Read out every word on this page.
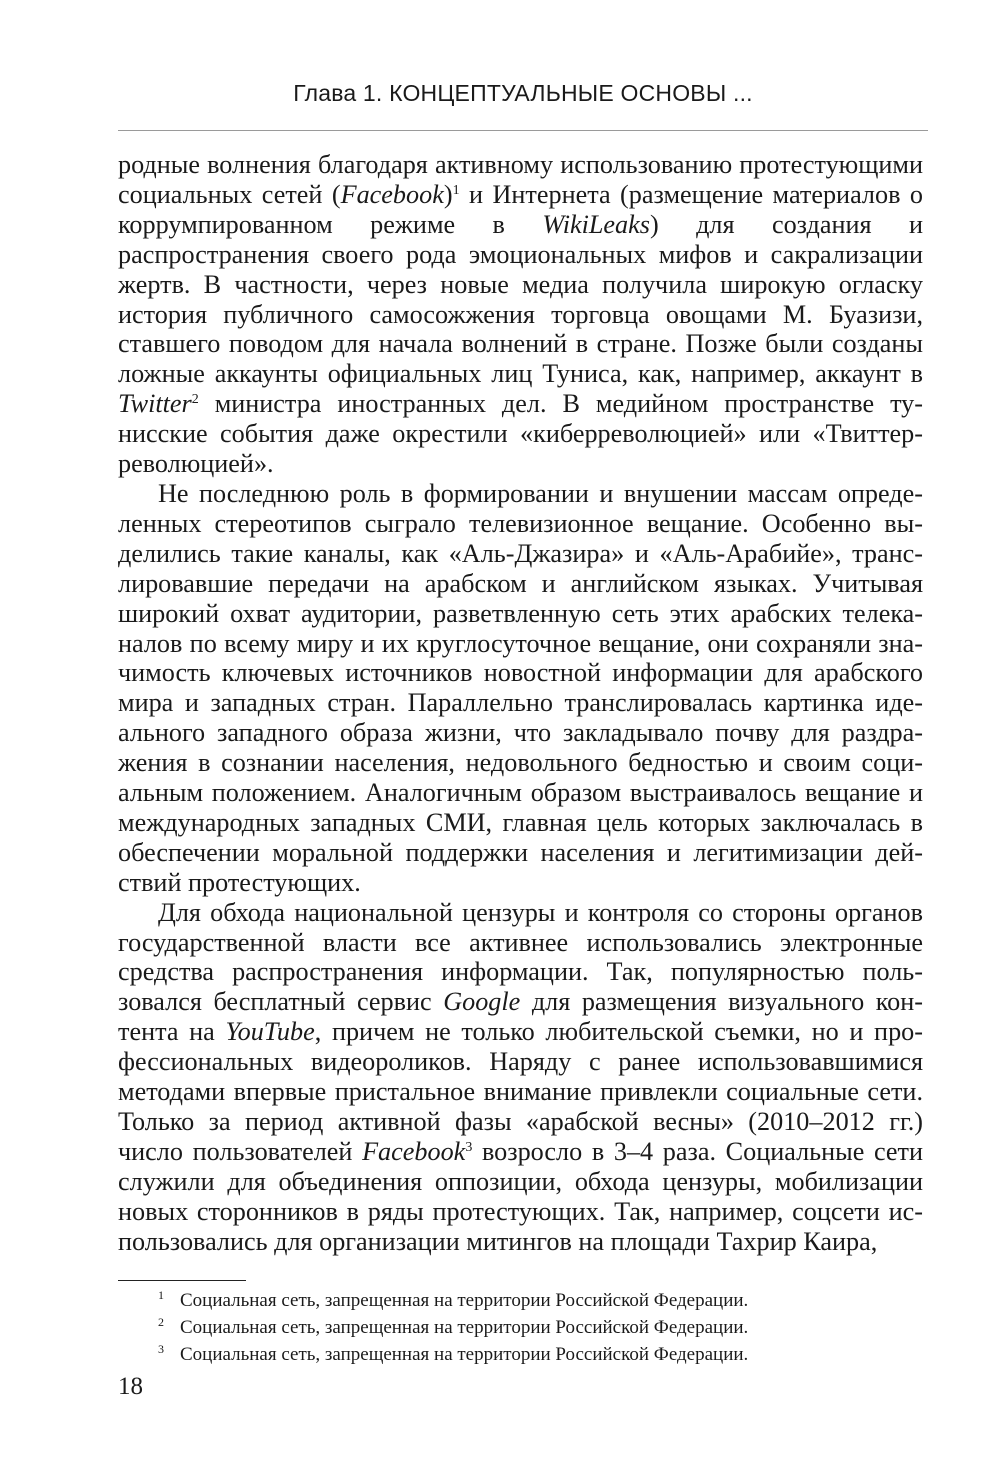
Глава 1. КОНЦЕПТУАЛЬНЫЕ ОСНОВЫ ...

родные волнения благодаря активному использованию протестующими социальных сетей (Facebook)$^1$ и Интернета (размещение материалов о коррумпированном режиме в WikiLeaks) для создания и распространения своего рода эмоциональных мифов и сакрализации жертв. В частности, через новые медиа получила широкую огласку история публичного самосожжения торговца овощами М. Буазизи, ставшего поводом для начала волнений в стране. Позже были созданы ложные аккаунты официальных лиц Туниса, как, например, аккаунт в Twitter$^2$ министра иностранных дел. В медийном пространстве тунисские события даже окрестили «киберреволюцией» или «Твиттерреволюцией».

Не последнюю роль в формировании и внушении массам определенных стереотипов сыграло телевизионное вещание. Особенно выделились такие каналы, как «Аль-Джазира» и «Аль-Арабийе», транслировавшие передачи на арабском и английском языках. Учитывая широкий охват аудитории, разветвленную сеть этих арабских телеканалов по всему миру и их круглосуточное вещание, они сохраняли значимость ключевых источников новостной информации для арабского мира и западных стран. Параллельно транслировалась картинка идеального западного образа жизни, что закладывало почву для раздражения в сознании населения, недовольного бедностью и своим социальным положением. Аналогичным образом выстраивалось вещание и международных западных СМИ, главная цель которых заключалась в обеспечении моральной поддержки населения и легитимизации действий протестующих.

Для обхода национальной цензуры и контроля со стороны органов государственной власти все активнее использовались электронные средства распространения информации. Так, популярностью пользовался бесплатный сервис Google для размещения визуального контента на YouTube, причем не только любительской съемки, но и профессиональных видеороликов. Наряду с ранее использовавшимися методами впервые пристальное внимание привлекли социальные сети. Только за период активной фазы «арабской весны» (2010–2012 гг.) число пользователей Facebook$^3$ возросло в 3–4 раза. Социальные сети служили для объединения оппозиции, обхода цензуры, мобилизации новых сторонников в ряды протестующих. Так, например, соцсети использовались для организации митингов на площади Тахрир Каира,

1 Социальная сеть, запрещенная на территории Российской Федерации.
2 Социальная сеть, запрещенная на территории Российской Федерации.
3 Социальная сеть, запрещенная на территории Российской Федерации.
18
